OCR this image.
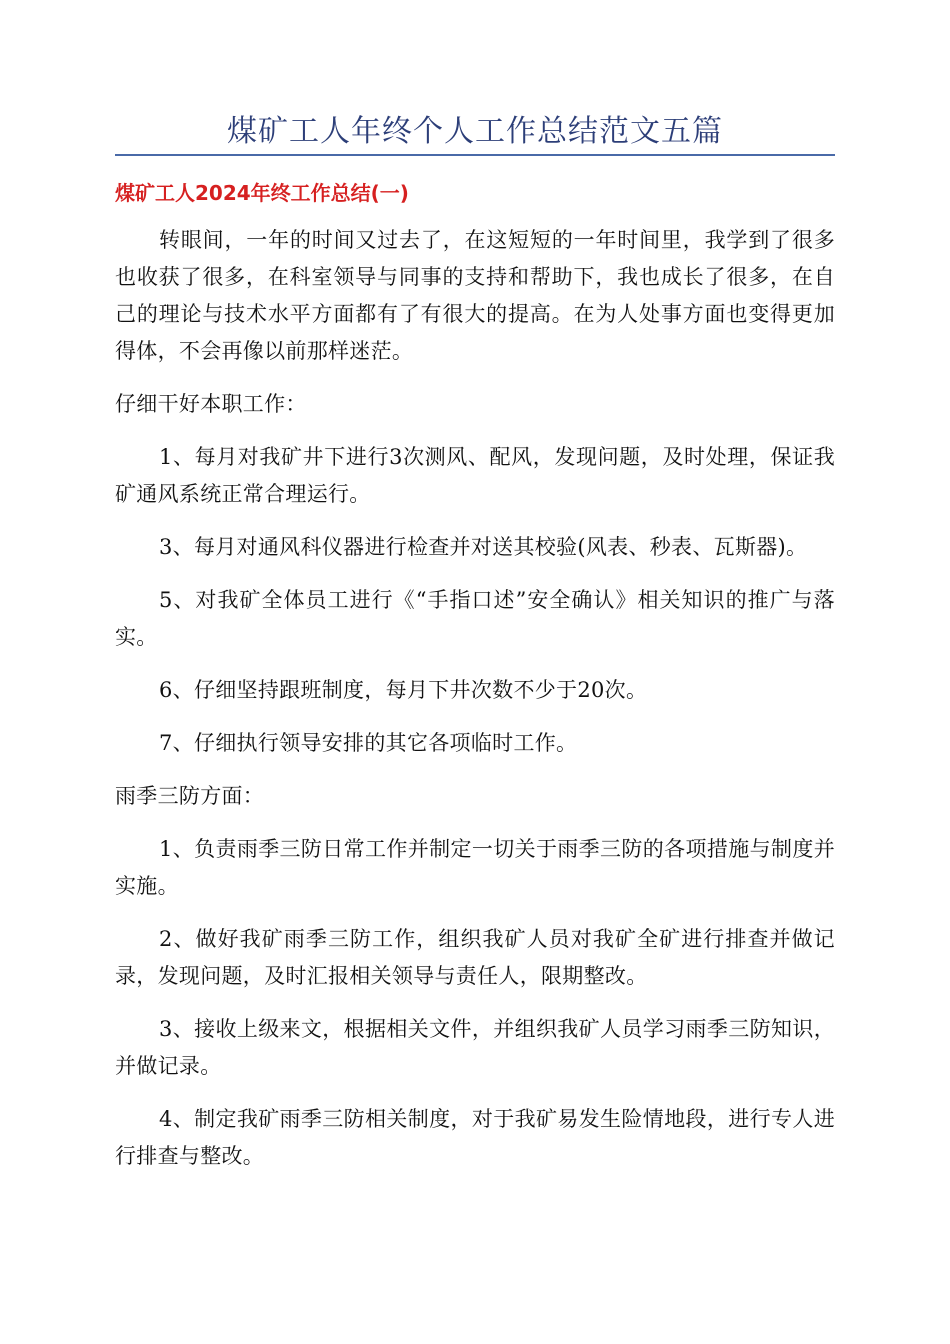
煤矿工人年终个人工作总结范文五篇
煤矿工人2024年终工作总结(一)

转眼间，一年的时间又过去了，在这短短的一年时间里，我学到了很多也收获了很多，在科室领导与同事的支持和帮助下，我也成长了很多，在自己的理论与技术水平方面都有了有很大的提高。在为人处事方面也变得更加得体，不会再像以前那样迷茫。

仔细干好本职工作：

1、每月对我矿井下进行3次测风、配风，发现问题，及时处理，保证我矿通风系统正常合理运行。

3、每月对通风科仪器进行检查并对送其校验(风表、秒表、瓦斯器)。

5、对我矿全体员工进行《“手指口述”安全确认》相关知识的推广与落实。

6、仔细坚持跟班制度，每月下井次数不少于20次。

7、仔细执行领导安排的其它各项临时工作。

雨季三防方面：

1、负责雨季三防日常工作并制定一切关于雨季三防的各项措施与制度并实施。

2、做好我矿雨季三防工作，组织我矿人员对我矿全矿进行排查并做记录，发现问题，及时汇报相关领导与责任人，限期整改。

3、接收上级来文，根据相关文件，并组织我矿人员学习雨季三防知识，并做记录。

4、制定我矿雨季三防相关制度，对于我矿易发生险情地段，进行专人进行排查与整改。
